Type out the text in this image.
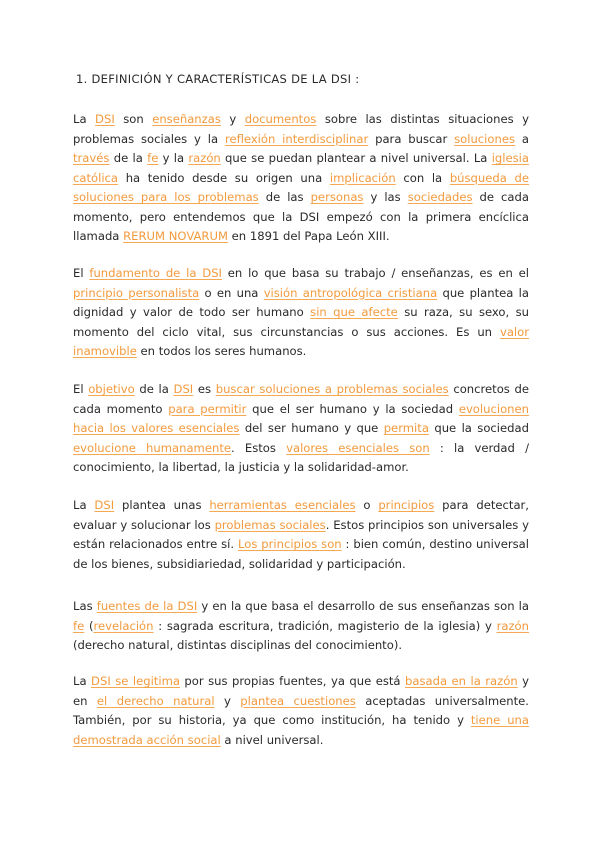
1. DEFINICIÓN Y CARACTERÍSTICAS DE LA DSI :
La DSI son enseñanzas y documentos sobre las distintas situaciones y problemas sociales y la reflexión interdisciplinar para buscar soluciones a través de la fe y la razón que se puedan plantear a nivel universal. La iglesia católica ha tenido desde su origen una implicación con la búsqueda de soluciones para los problemas de las personas y las sociedades de cada momento, pero entendemos que la DSI empezó con la primera encíclica llamada RERUM NOVARUM en 1891 del Papa León XIII.
El fundamento de la DSI en lo que basa su trabajo / enseñanzas, es en el principio personalista o en una visión antropológica cristiana que plantea la dignidad y valor de todo ser humano sin que afecte su raza, su sexo, su momento del ciclo vital, sus circunstancias o sus acciones. Es un valor inamovible en todos los seres humanos.
El objetivo de la DSI es buscar soluciones a problemas sociales concretos de cada momento para permitir que el ser humano y la sociedad evolucionen hacia los valores esenciales del ser humano y que permita que la sociedad evolucione humanamente. Estos valores esenciales son : la verdad / conocimiento, la libertad, la justicia y la solidaridad-amor.
La DSI plantea unas herramientas esenciales o principios para detectar, evaluar y solucionar los problemas sociales. Estos principios son universales y están relacionados entre sí. Los principios son : bien común, destino universal de los bienes, subsidiariedad, solidaridad y participación.
Las fuentes de la DSI y en la que basa el desarrollo de sus enseñanzas son la fe (revelación : sagrada escritura, tradición, magisterio de la iglesia) y razón (derecho natural, distintas disciplinas del conocimiento).
La DSI se legitima por sus propias fuentes, ya que está basada en la razón y en el derecho natural y plantea cuestiones aceptadas universalmente. También, por su historia, ya que como institución, ha tenido y tiene una demostrada acción social a nivel universal.
